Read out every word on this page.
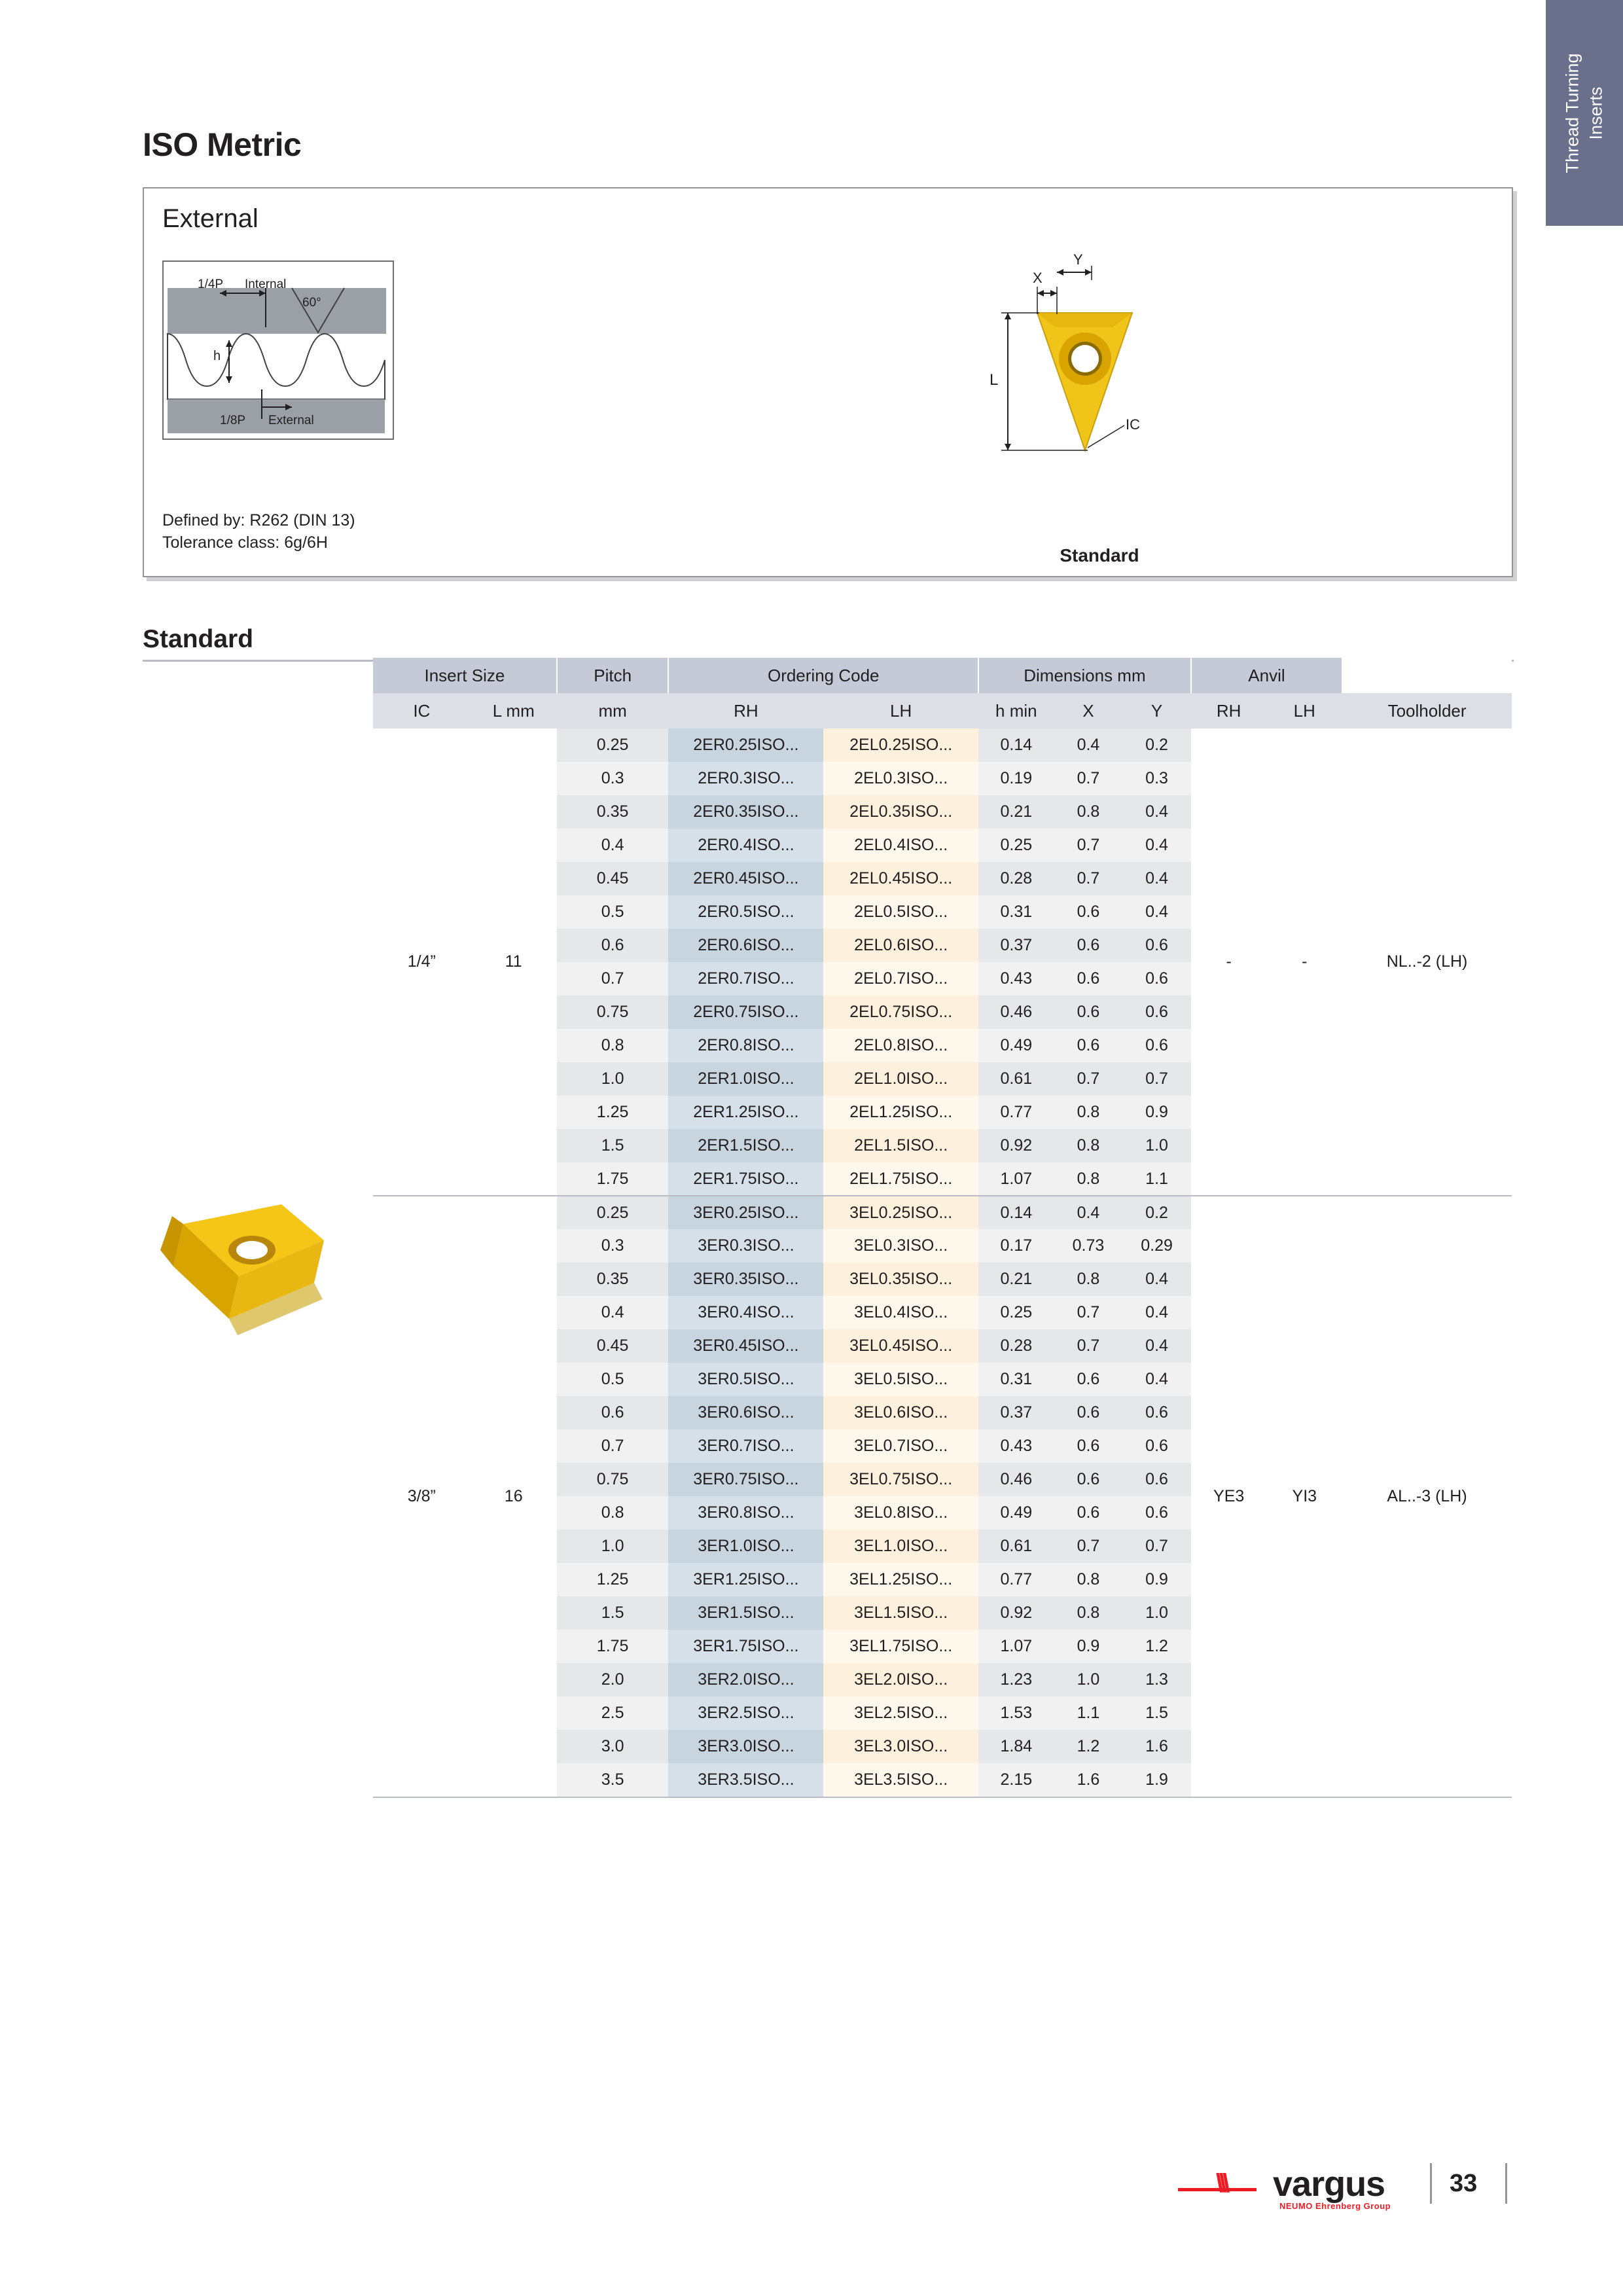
Thread Turning Inserts
ISO Metric
External
1/4P Internal
60°
h
1/8P External
Defined by: R262 (DIN 13)
Tolerance class: 6g/6H
X
Y
L
IC
Standard
Standard
Insert Size		Pitch	Ordering Code		Dimensions mm			Anvil		
IC	L mm	mm	RH	LH	h min	X	Y	RH	LH	Toolholder
1/4”	11	0.25	2ER0.25ISO...	2EL0.25ISO...	0.14	0.4	0.2	-	-	NL..-2 (LH)
		0.3	2ER0.3ISO...	2EL0.3ISO...	0.19	0.7	0.3			
		0.35	2ER0.35ISO...	2EL0.35ISO...	0.21	0.8	0.4			
		0.4	2ER0.4ISO...	2EL0.4ISO...	0.25	0.7	0.4			
		0.45	2ER0.45ISO...	2EL0.45ISO...	0.28	0.7	0.4			
		0.5	2ER0.5ISO...	2EL0.5ISO...	0.31	0.6	0.4			
		0.6	2ER0.6ISO...	2EL0.6ISO...	0.37	0.6	0.6			
		0.7	2ER0.7ISO...	2EL0.7ISO...	0.43	0.6	0.6			
		0.75	2ER0.75ISO...	2EL0.75ISO...	0.46	0.6	0.6			
		0.8	2ER0.8ISO...	2EL0.8ISO...	0.49	0.6	0.6			
		1.0	2ER1.0ISO...	2EL1.0ISO...	0.61	0.7	0.7			
		1.25	2ER1.25ISO...	2EL1.25ISO...	0.77	0.8	0.9			
		1.5	2ER1.5ISO...	2EL1.5ISO...	0.92	0.8	1.0			
		1.75	2ER1.75ISO...	2EL1.75ISO...	1.07	0.8	1.1			
3/8”	16	0.25	3ER0.25ISO...	3EL0.25ISO...	0.14	0.4	0.2	YE3	YI3	AL..-3 (LH)
		0.3	3ER0.3ISO...	3EL0.3ISO...	0.17	0.73	0.29			
		0.35	3ER0.35ISO...	3EL0.35ISO...	0.21	0.8	0.4			
		0.4	3ER0.4ISO...	3EL0.4ISO...	0.25	0.7	0.4			
		0.45	3ER0.45ISO...	3EL0.45ISO...	0.28	0.7	0.4			
		0.5	3ER0.5ISO...	3EL0.5ISO...	0.31	0.6	0.4			
		0.6	3ER0.6ISO...	3EL0.6ISO...	0.37	0.6	0.6			
		0.7	3ER0.7ISO...	3EL0.7ISO...	0.43	0.6	0.6			
		0.75	3ER0.75ISO...	3EL0.75ISO...	0.46	0.6	0.6			
		0.8	3ER0.8ISO...	3EL0.8ISO...	0.49	0.6	0.6			
		1.0	3ER1.0ISO...	3EL1.0ISO...	0.61	0.7	0.7			
		1.25	3ER1.25ISO...	3EL1.25ISO...	0.77	0.8	0.9			
		1.5	3ER1.5ISO...	3EL1.5ISO...	0.92	0.8	1.0			
		1.75	3ER1.75ISO...	3EL1.75ISO...	1.07	0.9	1.2			
		2.0	3ER2.0ISO...	3EL2.0ISO...	1.23	1.0	1.3			
		2.5	3ER2.5ISO...	3EL2.5ISO...	1.53	1.1	1.5			
		3.0	3ER3.0ISO...	3EL3.0ISO...	1.84	1.2	1.6			
		3.5	3ER3.5ISO...	3EL3.5ISO...	2.15	1.6	1.9			
\\\ vargus
NEUMO Ehrenberg Group
33
